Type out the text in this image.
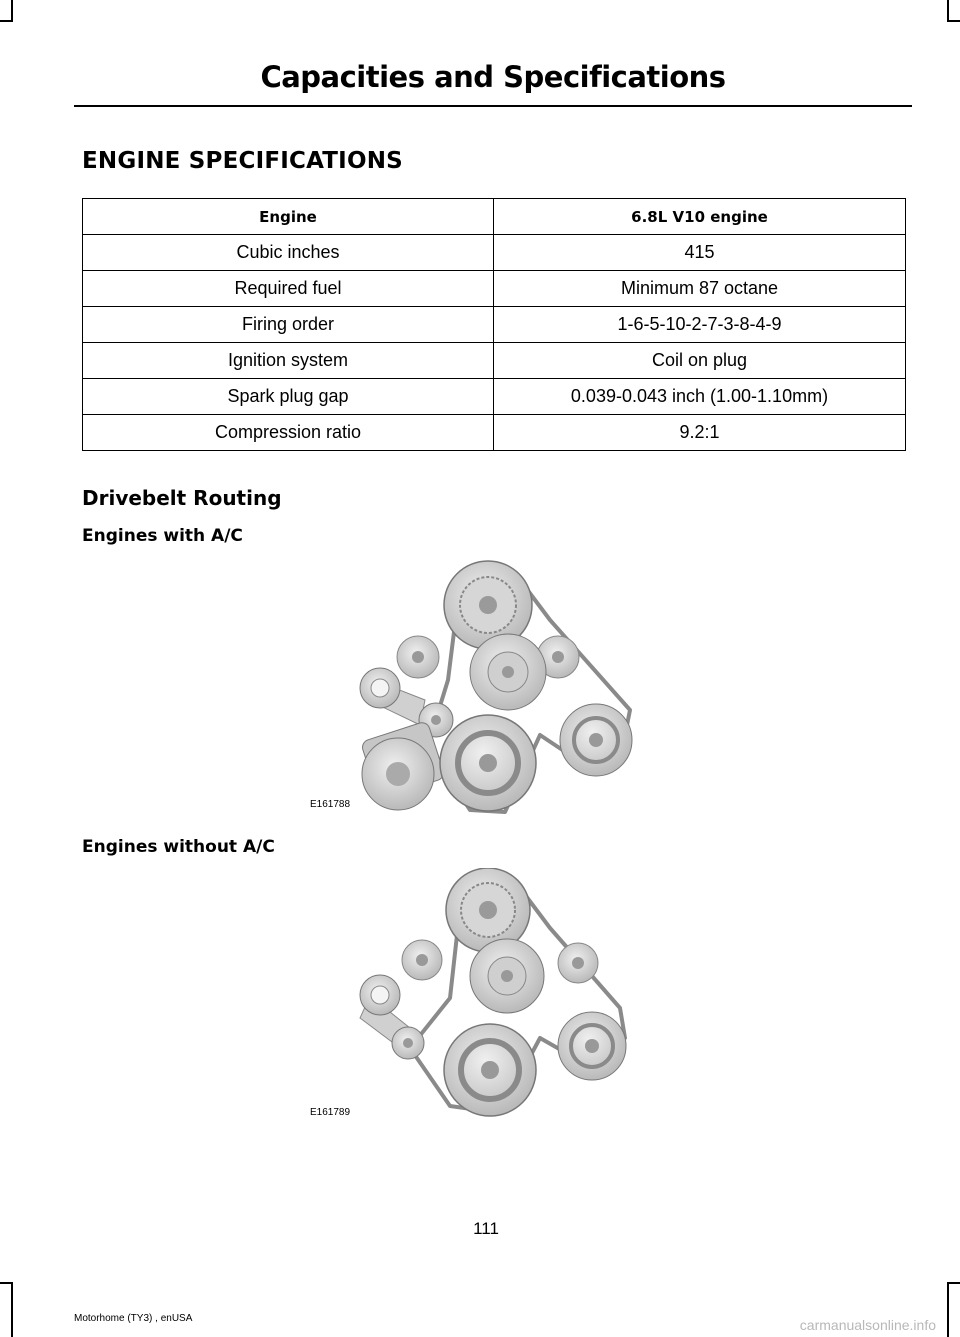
Capacities and Specifications
ENGINE SPECIFICATIONS
Engine	6.8L V10 engine
Cubic inches	415
Required fuel	Minimum 87 octane
Firing order	1-6-5-10-2-7-3-8-4-9
Ignition system	Coil on plug
Spark plug gap	0.039-0.043 inch (1.00-1.10mm)
Compression ratio	9.2:1
Drivebelt Routing
Engines with A/C
E161788
Engines without A/C
E161789
111
Motorhome (TY3) , enUSA	carmanualsonline.info
